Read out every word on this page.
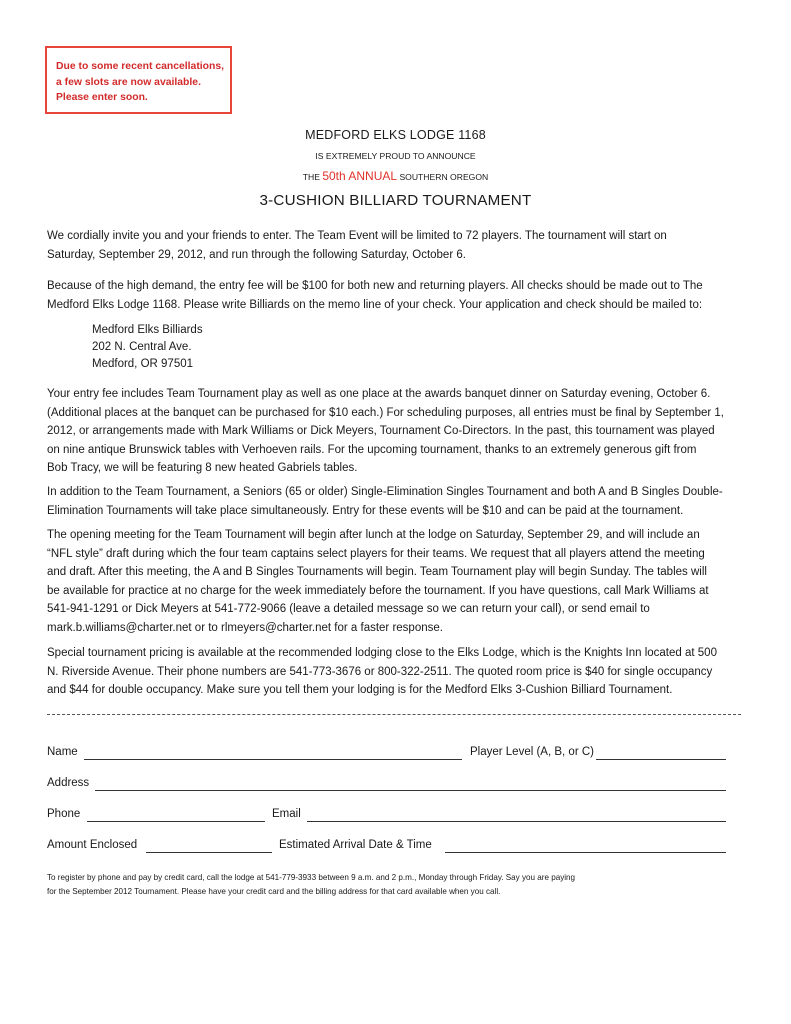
Due to some recent cancellations,
a few slots are now available.
Please enter soon.
MEDFORD ELKS LODGE 1168
IS EXTREMELY PROUD TO ANNOUNCE
THE 50th ANNUAL SOUTHERN OREGON
3-CUSHION BILLIARD TOURNAMENT
We cordially invite you and your friends to enter. The Team Event will be limited to 72 players. The tournament will start on
Saturday, September 29, 2012, and run through the following Saturday, October 6.
Because of the high demand, the entry fee will be $100 for both new and returning players. All checks should be made out to The
Medford Elks Lodge 1168. Please write Billiards on the memo line of your check. Your application and check should be mailed to:
Medford Elks Billiards
202 N. Central Ave.
Medford, OR 97501
Your entry fee includes Team Tournament play as well as one place at the awards banquet dinner on Saturday evening, October 6.
(Additional places at the banquet can be purchased for $10 each.) For scheduling purposes, all entries must be final by September 1,
2012, or arrangements made with Mark Williams or Dick Meyers, Tournament Co-Directors. In the past, this tournament was played
on nine antique Brunswick tables with Verhoeven rails. For the upcoming tournament, thanks to an extremely generous gift from
Bob Tracy, we will be featuring 8 new heated Gabriels tables.
In addition to the Team Tournament, a Seniors (65 or older) Single-Elimination Singles Tournament and both A and B Singles Double-
Elimination Tournaments will take place simultaneously. Entry for these events will be $10 and can be paid at the tournament.
The opening meeting for the Team Tournament will begin after lunch at the lodge on Saturday, September 29, and will include an
“NFL style” draft during which the four team captains select players for their teams. We request that all players attend the meeting
and draft. After this meeting, the A and B Singles Tournaments will begin. Team Tournament play will begin Sunday. The tables will
be available for practice at no charge for the week immediately before the tournament. If you have questions, call Mark Williams at
541-941-1291 or Dick Meyers at 541-772-9066 (leave a detailed message so we can return your call), or send email to
mark.b.williams@charter.net or to rlmeyers@charter.net for a faster response.
Special tournament pricing is available at the recommended lodging close to the Elks Lodge, which is the Knights Inn located at 500
N. Riverside Avenue. Their phone numbers are 541-773-3676 or 800-322-2511. The quoted room price is $40 for single occupancy
and $44 for double occupancy. Make sure you tell them your lodging is for the Medford Elks 3-Cushion Billiard Tournament.
Name	Player Level (A, B, or C)
Address
Phone	Email
Amount Enclosed	Estimated Arrival Date & Time
To register by phone and pay by credit card, call the lodge at 541-779-3933 between 9 a.m. and 2 p.m., Monday through Friday. Say you are paying
for the September 2012 Tournament. Please have your credit card and the billing address for that card available when you call.
